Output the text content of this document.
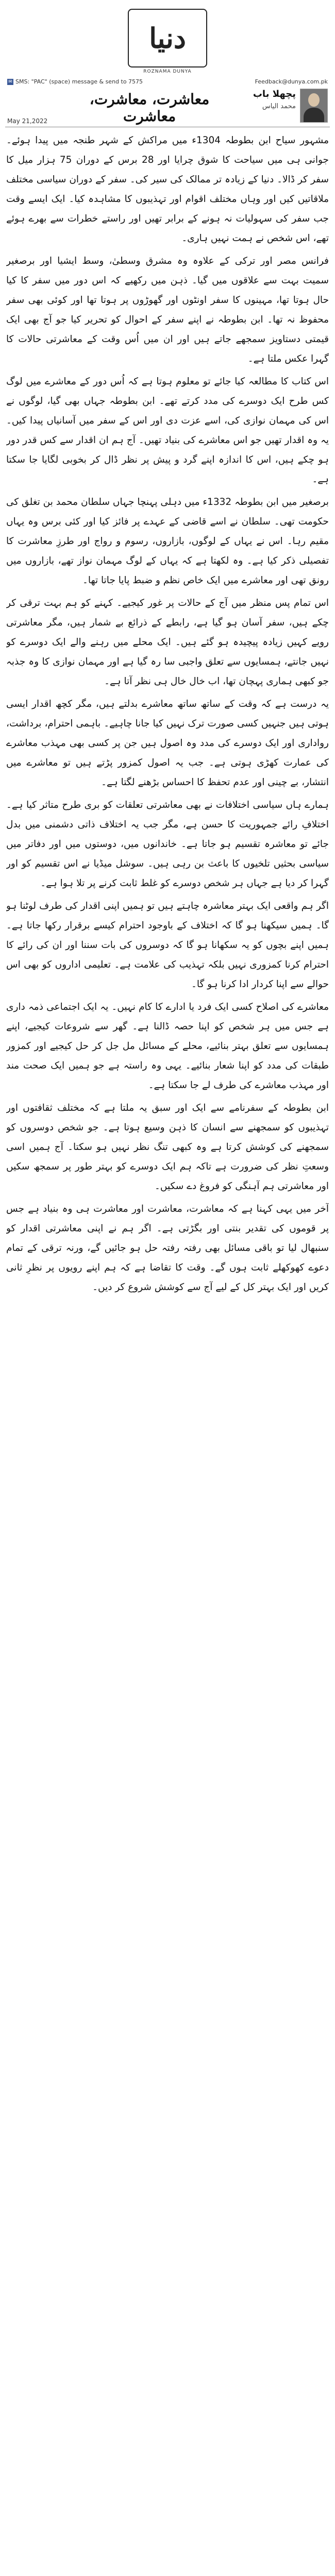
دنیا
ROZNAMA DUNYA
✉ SMS: "PAC" (space) message & send to 7575	Feedback@dunya.com.pk
پچھلا باب
محمد الیاس
معاشرت، معاشرت، معاشرت
May 21,2022

مشہور سیاح ابن بطوطہ 1304ء میں مراکش کے شہر طنجہ میں پیدا ہوئے۔ جوانی ہی میں سیاحت کا شوق چرایا اور 28 برس کے دوران 75 ہزار میل کا سفر کر ڈالا۔ دنیا کے زیادہ تر ممالک کی سیر کی۔ سفر کے دوران سیاسی مختلف ملاقاتیں کیں اور وہاں مختلف اقوام اور تہذیبوں کا مشاہدہ کیا۔ ایک ایسے وقت جب سفر کی سہولیات نہ ہونے کے برابر تھیں اور راستے خطرات سے بھرے ہوئے تھے، اس شخص نے ہمت نہیں ہاری۔

فرانس مصر اور ترکی کے علاوہ وہ مشرق وسطیٰ، وسط ایشیا اور برصغیر سمیت بہت سے علاقوں میں گیا۔ ذہن میں رکھیے کہ اس دور میں سفر کا کیا حال ہوتا تھا، مہینوں کا سفر اونٹوں اور گھوڑوں پر ہوتا تھا اور کوئی بھی سفر محفوظ نہ تھا۔ ابن بطوطہ نے اپنے سفر کے احوال کو تحریر کیا جو آج بھی ایک قیمتی دستاویز سمجھے جاتے ہیں اور ان میں اُس وقت کے معاشرتی حالات کا گہرا عکس ملتا ہے۔

اس کتاب کا مطالعہ کیا جائے تو معلوم ہوتا ہے کہ اُس دور کے معاشرے میں لوگ کس طرح ایک دوسرے کی مدد کرتے تھے۔ ابن بطوطہ جہاں بھی گیا، لوگوں نے اس کی مہمان نوازی کی، اسے عزت دی اور اس کے سفر میں آسانیاں پیدا کیں۔ یہ وہ اقدار تھیں جو اس معاشرے کی بنیاد تھیں۔ آج ہم ان اقدار سے کس قدر دور ہو چکے ہیں، اس کا اندازہ اپنے گرد و پیش پر نظر ڈال کر بخوبی لگایا جا سکتا ہے۔

برصغیر میں ابن بطوطہ 1332ء میں دہلی پہنچا جہاں سلطان محمد بن تغلق کی حکومت تھی۔ سلطان نے اسے قاضی کے عہدے پر فائز کیا اور کئی برس وہ یہاں مقیم رہا۔ اس نے یہاں کے لوگوں، بازاروں، رسوم و رواج اور طرزِ معاشرت کا تفصیلی ذکر کیا ہے۔ وہ لکھتا ہے کہ یہاں کے لوگ مہمان نواز تھے، بازاروں میں رونق تھی اور معاشرے میں ایک خاص نظم و ضبط پایا جاتا تھا۔

اس تمام پس منظر میں آج کے حالات پر غور کیجیے۔ کہنے کو ہم بہت ترقی کر چکے ہیں، سفر آسان ہو گیا ہے، رابطے کے ذرائع بے شمار ہیں، مگر معاشرتی رویے کہیں زیادہ پیچیدہ ہو گئے ہیں۔ ایک محلے میں رہنے والے ایک دوسرے کو نہیں جانتے، ہمسایوں سے تعلق واجبی سا رہ گیا ہے اور مہمان نوازی کا وہ جذبہ جو کبھی ہماری پہچان تھا، اب خال خال ہی نظر آتا ہے۔

یہ درست ہے کہ وقت کے ساتھ ساتھ معاشرے بدلتے ہیں، مگر کچھ اقدار ایسی ہوتی ہیں جنہیں کسی صورت ترک نہیں کیا جانا چاہیے۔ باہمی احترام، برداشت، رواداری اور ایک دوسرے کی مدد وہ اصول ہیں جن پر کسی بھی مہذب معاشرے کی عمارت کھڑی ہوتی ہے۔ جب یہ اصول کمزور پڑتے ہیں تو معاشرے میں انتشار، بے چینی اور عدم تحفظ کا احساس بڑھنے لگتا ہے۔

ہمارے ہاں سیاسی اختلافات نے بھی معاشرتی تعلقات کو بری طرح متاثر کیا ہے۔ اختلافِ رائے جمہوریت کا حسن ہے، مگر جب یہ اختلاف ذاتی دشمنی میں بدل جائے تو معاشرہ تقسیم ہو جاتا ہے۔ خاندانوں میں، دوستوں میں اور دفاتر میں سیاسی بحثیں تلخیوں کا باعث بن رہی ہیں۔ سوشل میڈیا نے اس تقسیم کو اور گہرا کر دیا ہے جہاں ہر شخص دوسرے کو غلط ثابت کرنے پر تلا ہوا ہے۔

اگر ہم واقعی ایک بہتر معاشرہ چاہتے ہیں تو ہمیں اپنی اقدار کی طرف لوٹنا ہو گا۔ ہمیں سیکھنا ہو گا کہ اختلاف کے باوجود احترام کیسے برقرار رکھا جاتا ہے۔ ہمیں اپنے بچوں کو یہ سکھانا ہو گا کہ دوسروں کی بات سننا اور ان کی رائے کا احترام کرنا کمزوری نہیں بلکہ تہذیب کی علامت ہے۔ تعلیمی اداروں کو بھی اس حوالے سے اپنا کردار ادا کرنا ہو گا۔

معاشرے کی اصلاح کسی ایک فرد یا ادارے کا کام نہیں۔ یہ ایک اجتماعی ذمہ داری ہے جس میں ہر شخص کو اپنا حصہ ڈالنا ہے۔ گھر سے شروعات کیجیے، اپنے ہمسایوں سے تعلق بہتر بنائیے، محلے کے مسائل مل جل کر حل کیجیے اور کمزور طبقات کی مدد کو اپنا شعار بنائیے۔ یہی وہ راستہ ہے جو ہمیں ایک صحت مند اور مہذب معاشرے کی طرف لے جا سکتا ہے۔

ابن بطوطہ کے سفرنامے سے ایک اور سبق یہ ملتا ہے کہ مختلف ثقافتوں اور تہذیبوں کو سمجھنے سے انسان کا ذہن وسیع ہوتا ہے۔ جو شخص دوسروں کو سمجھنے کی کوشش کرتا ہے وہ کبھی تنگ نظر نہیں ہو سکتا۔ آج ہمیں اسی وسعتِ نظر کی ضرورت ہے تاکہ ہم ایک دوسرے کو بہتر طور پر سمجھ سکیں اور معاشرتی ہم آہنگی کو فروغ دے سکیں۔

آخر میں یہی کہنا ہے کہ معاشرت، معاشرت اور معاشرت ہی وہ بنیاد ہے جس پر قوموں کی تقدیر بنتی اور بگڑتی ہے۔ اگر ہم نے اپنی معاشرتی اقدار کو سنبھال لیا تو باقی مسائل بھی رفتہ رفتہ حل ہو جائیں گے، ورنہ ترقی کے تمام دعوے کھوکھلے ثابت ہوں گے۔ وقت کا تقاضا ہے کہ ہم اپنے رویوں پر نظرِ ثانی کریں اور ایک بہتر کل کے لیے آج سے کوشش شروع کر دیں۔
